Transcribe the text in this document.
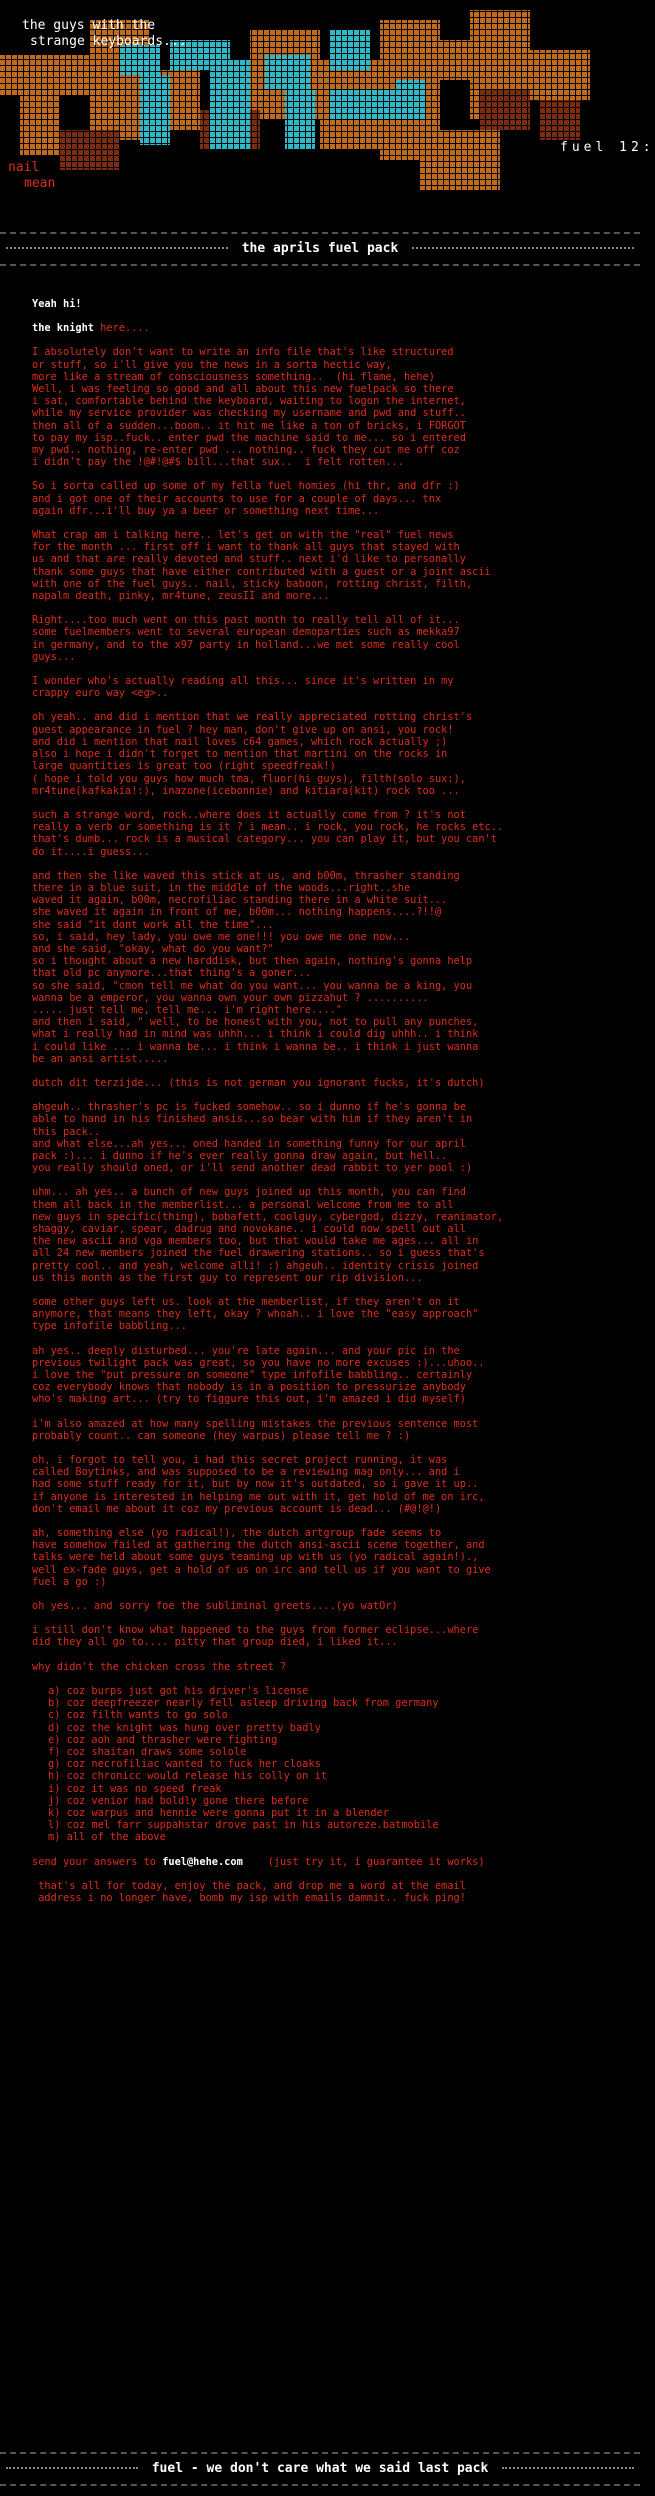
the guys with the
strange keyboards...
fuel 12:
nail
mean
the aprils fuel pack

Yeah hi!

the knight here....

I absolutely don't want to write an info file that's like structured
or stuff, so i'll give you the news in a sorta hectic way,
more like a stream of consciousness something..  (hi flame, hehe)
Well, i was feeling so good and all about this new fuelpack so there
i sat, comfortable behind the keyboard, waiting to logon the internet,
while my service provider was checking my username and pwd and stuff..
then all of a sudden...boom.. it hit me like a ton of bricks, i FORGOT
to pay my isp..fuck.. enter pwd the machine said to me... so i entered
my pwd.. nothing, re-enter pwd ... nothing.. fuck they cut me off coz
i didn't pay the !@#!@#$ bill...that sux..  i felt rotten...

So i sorta called up some of my fella fuel homies (hi thr, and dfr :)
and i got one of their accounts to use for a couple of days... tnx
again dfr...i'll buy ya a beer or something next time...

What crap am i talking here.. let's get on with the "real" fuel news
for the month ... first off i want to thank all guys that stayed with
us and that are really devoted and stuff.. next i'd like to personally
thank some guys that have either contributed with a guest or a joint ascii
with one of the fuel guys.. nail, sticky baboon, rotting christ, filth,
napalm death, pinky, mr4tune, zeusII and more...

Right....too much went on this past month to really tell all of it...
some fuelmembers went to several european demoparties such as mekka97
in germany, and to the x97 party in holland...we met some really cool
guys...

I wonder who's actually reading all this... since it's written in my
crappy euro way <eg>..

oh yeah.. and did i mention that we really appreciated rotting christ's
guest appearance in fuel ? hey man, don't give up on ansi, you rock!
and did i mention that nail loves c64 games, which rock actually ;)
also i hope i didn't forget to mention that martini on the rocks in
large quantities is great too (right speedfreak!)
( hope i told you guys how much tma, fluor(hi guys), filth(solo sux:),
mr4tune(kafkakia!:), inazone(icebonnie) and kitiara(kit) rock too ...

such a strange word, rock..where does it actually come from ? it's not
really a verb or something is it ? i mean.. i rock, you rock, he rocks etc..
that's dumb... rock is a musical category... you can play it, but you can't
do it....i guess...

and then she like waved this stick at us, and b00m, thrasher standing
there in a blue suit, in the middle of the woods...right..she
waved it again, b00m, necrofiliac standing there in a white suit...
she waved it again in front of me, b00m... nothing happens....?!!@
she said "it dont work all the time"...
so, i said, hey lady, you owe me one!!! you owe me one now...
and she said, "okay, what do you want?"
so i thought about a new harddisk, but then again, nothing's gonna help
that old pc anymore...that thing's a goner...
so she said, "cmon tell me what do you want... you wanna be a king, you
wanna be a emperor, you wanna own your own pizzahut ? ..........
..... just tell me, tell me... i'm right here...."
and then i said, " well, to be honest with you, not to pull any punches,
what i really had in mind was uhhh... i think i could dig uhhh.. i think
i could like ... i wanna be... i think i wanna be.. i think i just wanna
be an ansi artist.....

dutch dit terzijde... (this is not german you ignorant fucks, it's dutch)

ahgeuh.. thrasher's pc is fucked somehow.. so i dunno if he's gonna be
able to hand in his finished ansis...so bear with him if they aren't in
this pack..
and what else...ah yes... oned handed in something funny for our april
pack :)... i dunno if he's ever really gonna draw again, but hell..
you really should oned, or i'll send another dead rabbit to yer pool :)

uhm... ah yes.. a bunch of new guys joined up this month, you can find
them all back in the memberlist... a personal welcome from me to all
new guys in specific(thing), bobafett, coolguy, cybergod, dizzy, reanimator,
shaggy, caviar, spear, dadrug and novokane.. i could now spell out all
the new ascii and vga members too, but that would take me ages... all in
all 24 new members joined the fuel drawering stations.. so i guess that's
pretty cool.. and yeah, welcome alli! :) ahgeuh.. identity crisis joined
us this month as the first guy to represent our rip division...

some other guys left us. look at the memberlist, if they aren't on it
anymore, that means they left, okay ? whoah.. i love the "easy approach"
type infofile babbling...

ah yes.. deeply disturbed... you're late again... and your pic in the
previous twilight pack was great, so you have no more excuses :)...uhoo..
i love the "put pressure on someone" type infofile babbling.. certainly
coz everybody knows that nobody is in a position to pressurize anybody
who's making art... (try to figgure this out, i'm amazed i did myself)

i'm also amazed at how many spelling mistakes the previous sentence most
probably count.. can someone (hey warpus) please tell me ? :)

oh, i forgot to tell you, i had this secret project running, it was
called Boytinks, and was supposed to be a reviewing mag only... and i
had some stuff ready for it, but by now it's outdated, so i gave it up..
if anyone is interested in helping me out with it, get hold of me on irc,
don't email me about it coz my previous account is dead... (#@!@!)

ah, something else (yo radical!), the dutch artgroup fade seems to
have somehow failed at gathering the dutch ansi-ascii scene together, and
talks were held about some guys teaming up with us (yo radical again!).,
well ex-fade guys, get a hold of us on irc and tell us if you want to give
fuel a go :)

oh yes... and sorry foe the subliminal greets....(yo watOr)

i still don't know what happened to the guys from former eclipse...where
did they all go to.... pitty that group died, i liked it...

why didn't the chicken cross the street ?

a) coz burps just got his driver's license
b) coz deepfreezer nearly fell asleep driving back from germany
c) coz filth wants to go solo
d) coz the knight was hung over pretty badly
e) coz aoh and thrasher were fighting
f) coz shaitan draws some solole
g) coz necrofiliac wanted to fuck her cloaks
h) coz chronicc would release his colly on it
i) coz it was no speed freak
j) coz venior had boldly gone there before
k) coz warpus and hennie were gonna put it in a blender
l) coz mel farr suppahstar drove past in his autoreze.batmobile
m) all of the above

send your answers to fuel@hehe.com    (just try it, i guarantee it works)

that's all for today, enjoy the pack, and drop me a word at the email
address i no longer have, bomb my isp with emails dammit.. fuck ping!

fuel - we don't care what we said last pack
